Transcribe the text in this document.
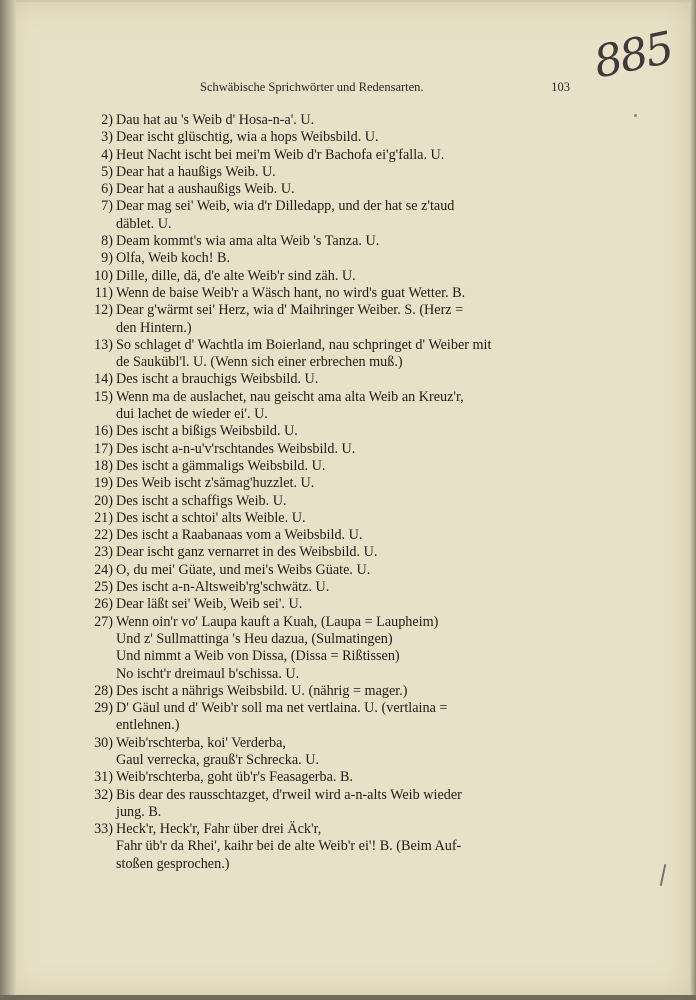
885
Schwäbische Sprichwörter und Redensarten.	103
2) Dau hat au 's Weib d' Hosa-n-a'. U.
3) Dear ischt glüschtig, wia a hops Weibsbild. U.
4) Heut Nacht ischt bei mei'm Weib d'r Bachofa ei'g'falla. U.
5) Dear hat a haußigs Weib. U.
6) Dear hat a aushaußigs Weib. U.
7) Dear mag sei' Weib, wia d'r Dilledapp, und der hat se z'taud
däblet. U.
8) Deam kommt's wia ama alta Weib 's Tanza. U.
9) Olfa, Weib koch! B.
10) Dille, dille, dä, d'e alte Weib'r sind zäh. U.
11) Wenn de baise Weib'r a Wäsch hant, no wird's guat Wetter. B.
12) Dear g'wärmt sei' Herz, wia d' Maihringer Weiber. S. (Herz =
den Hintern.)
13) So schlaget d' Wachtla im Boierland, nau schpringet d' Weiber mit
de Saukübl'l. U. (Wenn sich einer erbrechen muß.)
14) Des ischt a brauchigs Weibsbild. U.
15) Wenn ma de auslachet, nau geischt ama alta Weib an Kreuz'r,
dui lachet de wieder ei'. U.
16) Des ischt a bißigs Weibsbild. U.
17) Des ischt a-n-u'v'rschtandes Weibsbild. U.
18) Des ischt a gämmaligs Weibsbild. U.
19) Des Weib ischt z'sämag'huzzlet. U.
20) Des ischt a schaffigs Weib. U.
21) Des ischt a schtoi' alts Weible. U.
22) Des ischt a Raabanaas vom a Weibsbild. U.
23) Dear ischt ganz vernarret in des Weibsbild. U.
24) O, du mei' Güate, und mei's Weibs Güate. U.
25) Des ischt a-n-Altsweib'rg'schwätz. U.
26) Dear läßt sei' Weib, Weib sei'. U.
27) Wenn oin'r vo' Laupa kauft a Kuah, (Laupa = Laupheim)
Und z' Sullmattinga 's Heu dazua, (Sulmatingen)
Und nimmt a Weib von Dissa, (Dissa = Rißtissen)
No ischt'r dreimaul b'schissa. U.
28) Des ischt a nährigs Weibsbild. U. (nährig = mager.)
29) D' Gäul und d' Weib'r soll ma net vertlaina. U. (vertlaina =
entlehnen.)
30) Weib'rschterba, koi' Verderba,
Gaul verrecka, grauß'r Schrecka. U.
31) Weib'rschterba, goht üb'r's Feasagerba. B.
32) Bis dear des rausschtazget, d'rweil wird a-n-alts Weib wieder
jung. B.
33) Heck'r, Heck'r, Fahr über drei Äck'r,
Fahr üb'r da Rhei', kaihr bei de alte Weib'r ei'! B. (Beim Auf-
stoßen gesprochen.)
